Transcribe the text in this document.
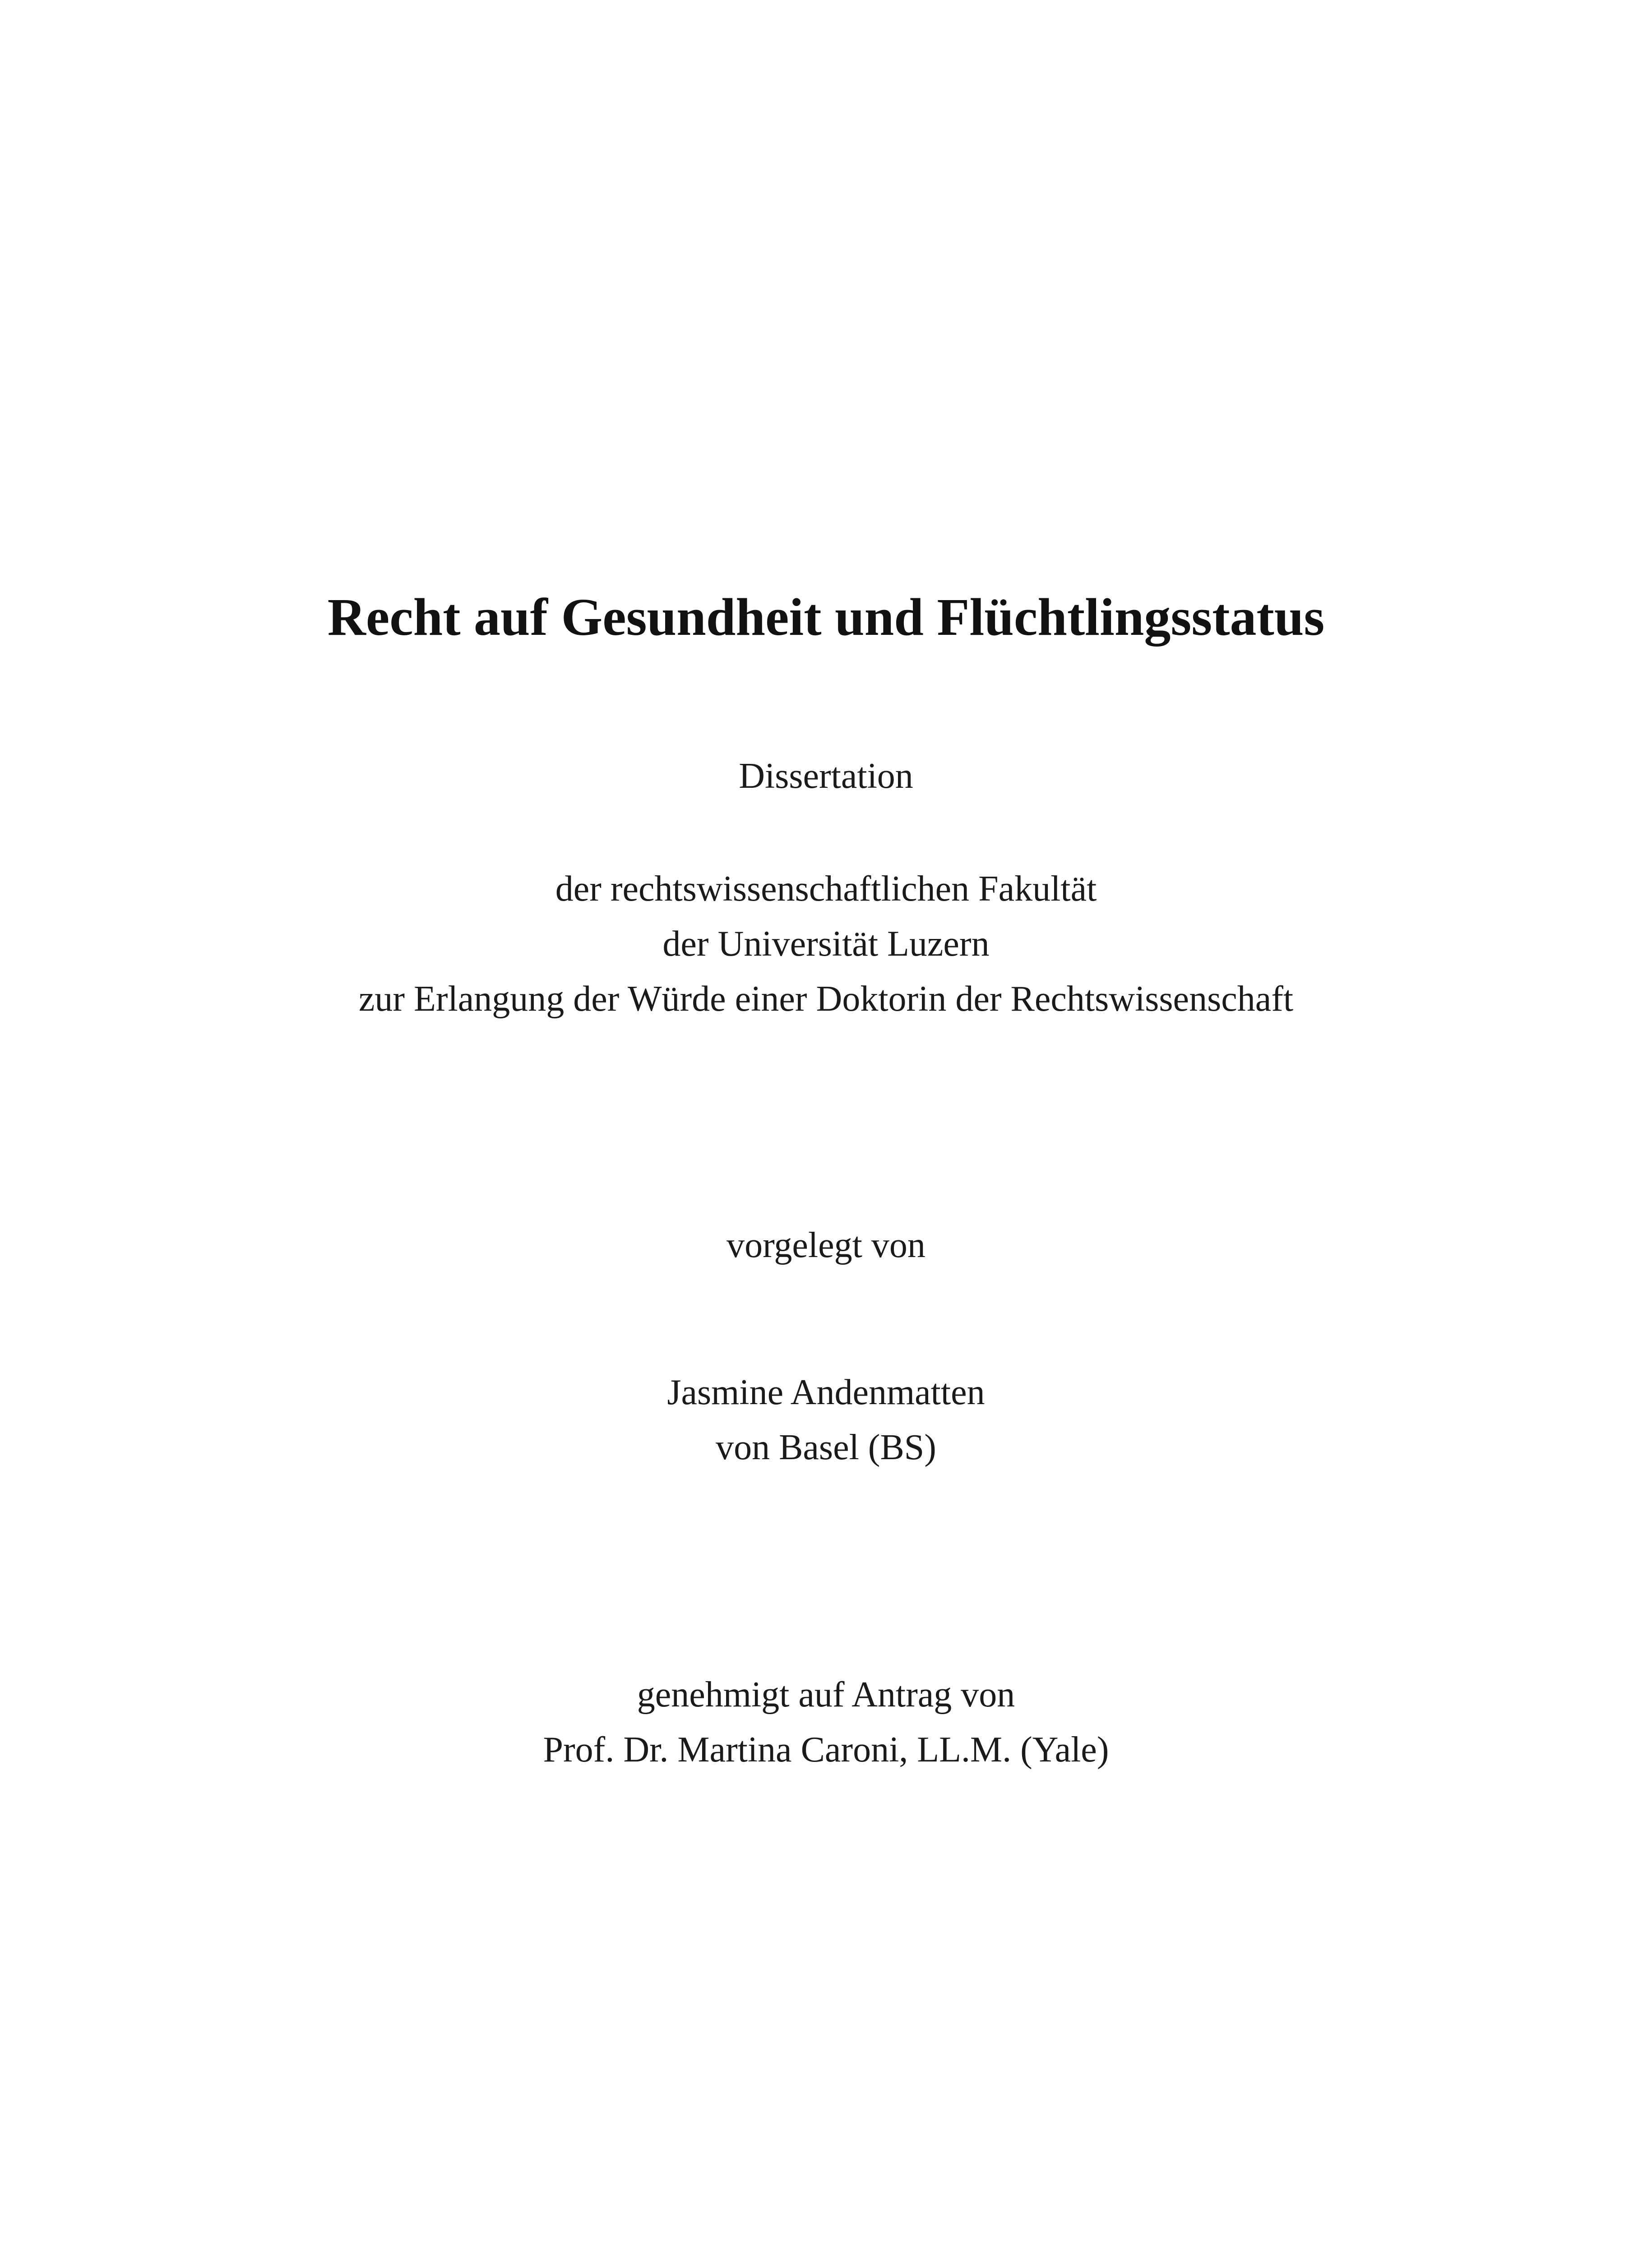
Recht auf Gesundheit und Flüchtlingsstatus
Dissertation
der rechtswissenschaftlichen Fakultät
der Universität Luzern
zur Erlangung der Würde einer Doktorin der Rechtswissenschaft
vorgelegt von
Jasmine Andenmatten
von Basel (BS)
genehmigt auf Antrag von
Prof. Dr. Martina Caroni, LL.M. (Yale)
